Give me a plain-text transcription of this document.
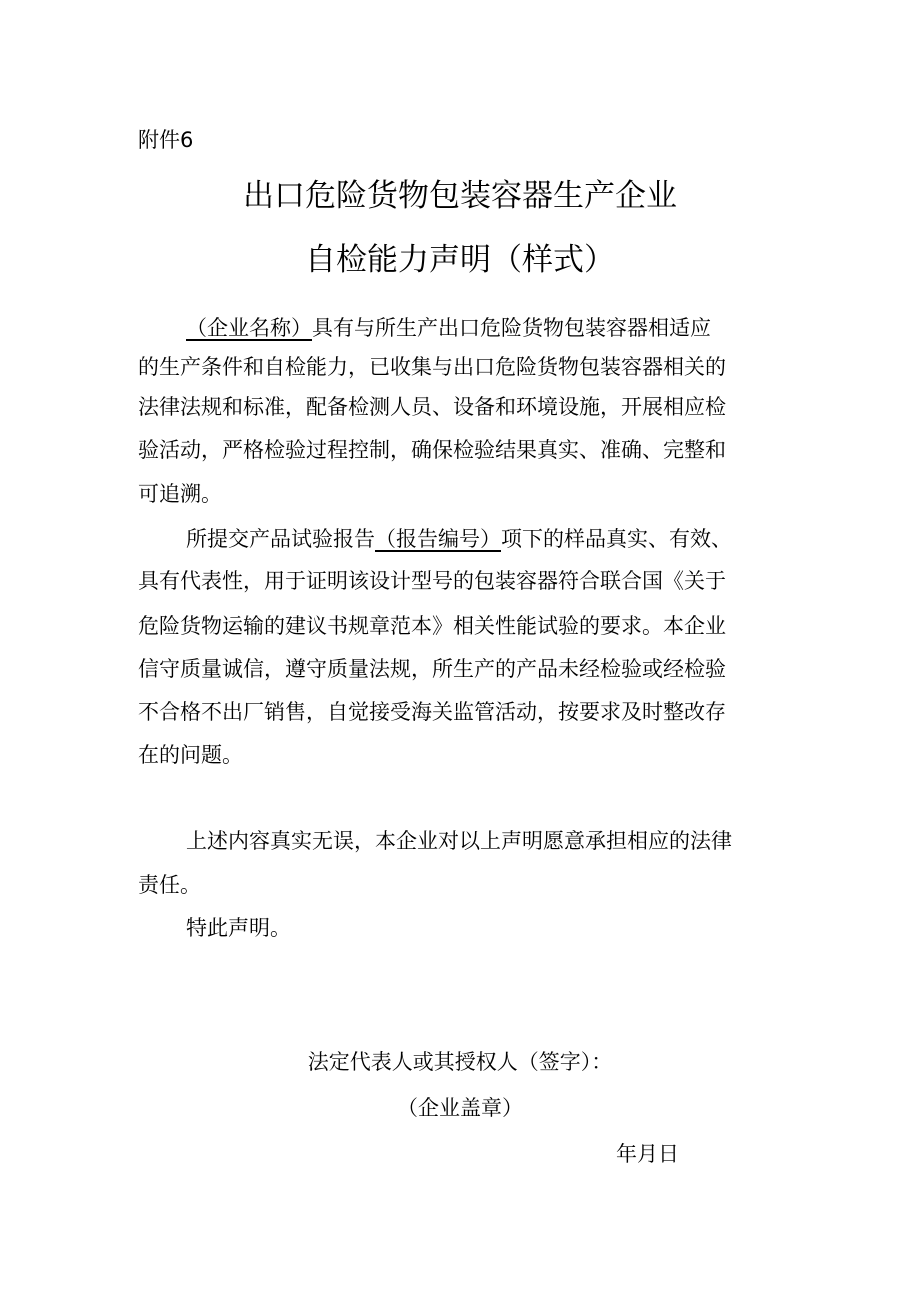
附件6
出口危险货物包装容器生产企业
自检能力声明（样式）
（企业名称）具有与所生产出口危险货物包装容器相适应
的生产条件和自检能力，已收集与出口危险货物包装容器相关的
法律法规和标准，配备检测人员、设备和环境设施，开展相应检
验活动，严格检验过程控制，确保检验结果真实、准确、完整和
可追溯。
所提交产品试验报告（报告编号）项下的样品真实、有效、
具有代表性，用于证明该设计型号的包装容器符合联合国《关于
危险货物运输的建议书规章范本》相关性能试验的要求。本企业
信守质量诚信，遵守质量法规，所生产的产品未经检验或经检验
不合格不出厂销售，自觉接受海关监管活动，按要求及时整改存
在的问题。
上述内容真实无误，本企业对以上声明愿意承担相应的法律
责任。
特此声明。
法定代表人或其授权人（签字）：
（企业盖章）
年月日
